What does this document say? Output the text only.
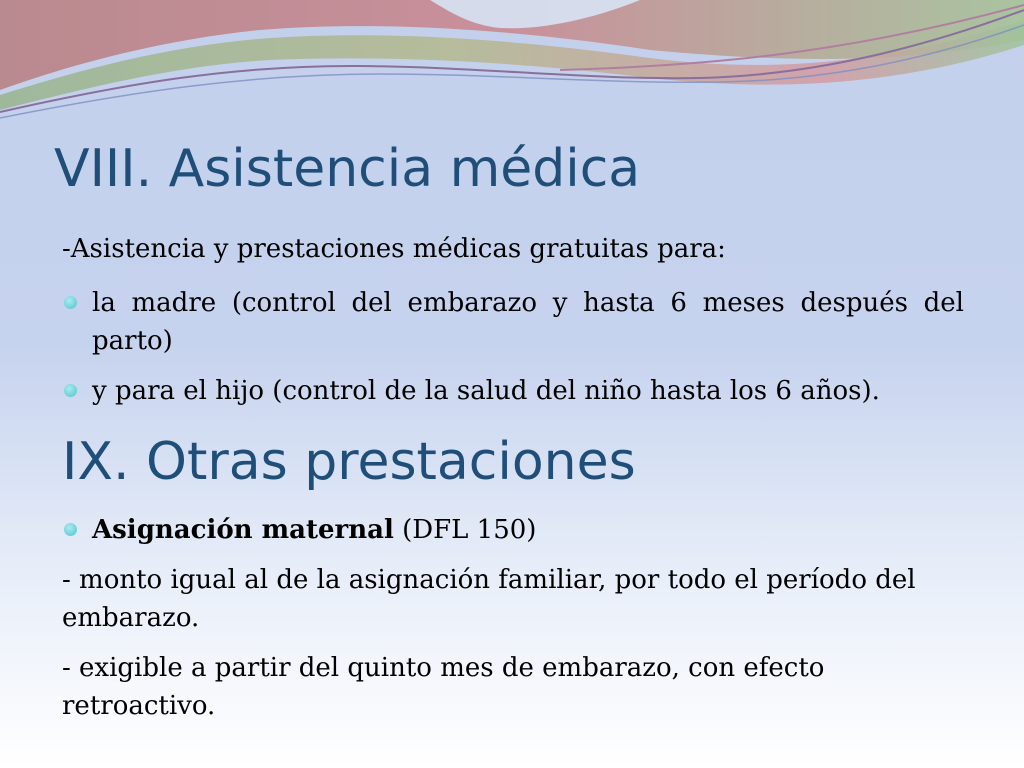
VIII. Asistencia médica
-Asistencia y prestaciones médicas gratuitas para:
la madre (control del embarazo y hasta 6 meses después del parto)
y para el hijo (control de la salud del niño hasta los 6 años).
IX. Otras prestaciones
Asignación maternal (DFL 150)
- monto igual al de la asignación familiar, por todo el período del embarazo.
- exigible a partir del quinto mes de embarazo, con efecto retroactivo.
